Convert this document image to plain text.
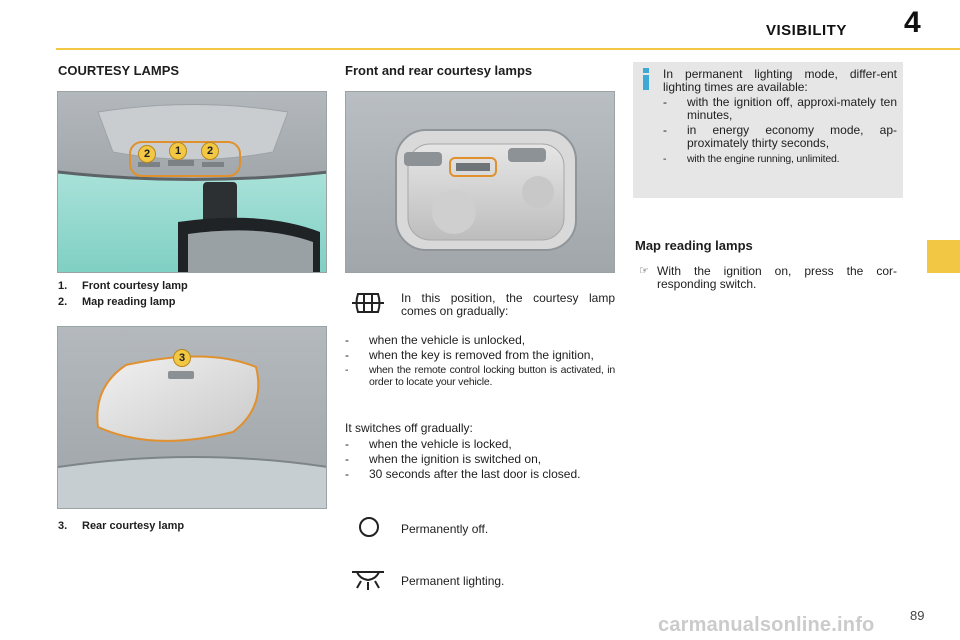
VISIBILITY 4
COURTESY LAMPS
2	1	2
1. Front courtesy lamp
2. Map reading lamp
3
3. Rear courtesy lamp
Front and rear courtesy lamps
In this position, the courtesy lamp comes on gradually:
- when the vehicle is unlocked,
- when the key is removed from the ignition,
- when the remote control locking button is activated, in order to locate your vehicle.
It switches off gradually:
- when the vehicle is locked,
- when the ignition is switched on,
- 30 seconds after the last door is closed.
Permanently off.
Permanent lighting.
In permanent lighting mode, differ-ent lighting times are available:
- with the ignition off, approxi-mately ten minutes,
- in energy economy mode, ap-proximately thirty seconds,
- with the engine running, unlimited.
Map reading lamps
☞ With the ignition on, press the cor-responding switch.
89
carmanualsonline.info
